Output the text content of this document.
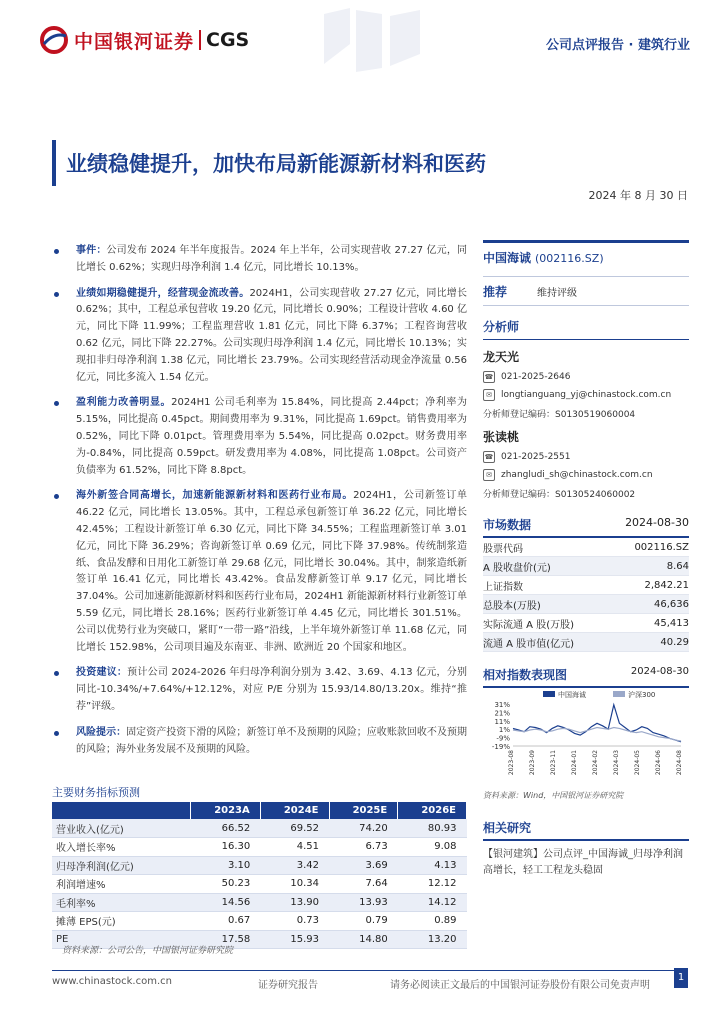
中国银河证券 CGS	公司点评报告 · 建筑行业
业绩稳健提升，加快布局新能源新材料和医药
2024 年 8 月 30 日
事件：公司发布 2024 年半年度报告。2024 年上半年，公司实现营收 27.27 亿元，同比增长 0.62%；实现归母净利润 1.4 亿元，同比增长 10.13%。
业绩如期稳健提升，经营现金流改善。2024H1，公司实现营收 27.27 亿元，同比增长 0.62%；其中，工程总承包营收 19.20 亿元，同比增长 0.90%；工程设计营收 4.60 亿元，同比下降 11.99%；工程监理营收 1.81 亿元，同比下降 6.37%；工程咨询营收 0.62 亿元，同比下降 22.27%。公司实现归母净利润 1.4 亿元，同比增长 10.13%；实现扣非归母净利润 1.38 亿元，同比增长 23.79%。公司实现经营活动现金净流量 0.56 亿元，同比多流入 1.54 亿元。
盈利能力改善明显。2024H1 公司毛利率为 15.84%，同比提高 2.44pct；净利率为 5.15%，同比提高 0.45pct。期间费用率为 9.31%，同比提高 1.69pct。销售费用率为 0.52%，同比下降 0.01pct。管理费用率为 5.54%，同比提高 0.02pct。财务费用率为-0.84%，同比提高 0.59pct。研发费用率为 4.08%，同比提高 1.08pct。公司资产负债率为 61.52%，同比下降 8.8pct。
海外新签合同高增长，加速新能源新材料和医药行业布局。2024H1，公司新签订单 46.22 亿元，同比增长 13.05%。其中，工程总承包新签订单 36.22 亿元，同比增长 42.45%；工程设计新签订单 6.30 亿元，同比下降 34.55%；工程监理新签订单 3.01 亿元，同比下降 36.29%；咨询新签订单 0.69 亿元，同比下降 37.98%。传统制浆造纸、食品发酵和日用化工新签订单 29.68 亿元，同比增长 30.04%。其中，制浆造纸新签订单 16.41 亿元，同比增长 43.42%。食品发酵新签订单 9.17 亿元，同比增长 37.04%。公司加速新能源新材料和医药行业布局，2024H1 新能源新材料行业新签订单 5.59 亿元，同比增长 28.16%；医药行业新签订单 4.45 亿元，同比增长 301.51%。公司以优势行业为突破口，紧盯“一带一路”沿线，上半年境外新签订单 11.68 亿元，同比增长 152.98%，公司项目遍及东南亚、非洲、欧洲近 20 个国家和地区。
投资建议：预计公司 2024-2026 年归母净利润分别为 3.42、3.69、4.13 亿元，分别同比-10.34%/+7.64%/+12.12%，对应 P/E 分别为 15.93/14.80/13.20x。维持“推荐”评级。
风险提示：固定资产投资下滑的风险；新签订单不及预期的风险；应收账款回收不及预期的风险；海外业务发展不及预期的风险。
主要财务指标预测
	2023A	2024E	2025E	2026E
营业收入(亿元)	66.52	69.52	74.20	80.93
收入增长率%	16.30	4.51	6.73	9.08
归母净利润(亿元)	3.10	3.42	3.69	4.13
利润增速%	50.23	10.34	7.64	12.12
毛利率%	14.56	13.90	13.93	14.12
摊薄 EPS(元)	0.67	0.73	0.79	0.89
PE	17.58	15.93	14.80	13.20
资料来源：公司公告，中国银河证券研究院
中国海诚 (002116.SZ)
推荐	维持评级
分析师
龙天光
☎ 021-2025-2646
✉	longtianguang_yj@chinastock.com.cn
分析师登记编码：S0130519060004
张读桃
☎ 021-2025-2551
✉	zhangludi_sh@chinastock.com.cn
分析师登记编码：S0130524060002
市场数据	2024-08-30
股票代码	002116.SZ
A 股收盘价(元)	8.64
上证指数	2,842.21
总股本(万股)	46,636
实际流通 A 股(万股)	45,413
流通 A 股市值(亿元)	40.29
相对指数表现图	2024-08-30
中国海诚	沪深300
31%
21%
11%
1%
-9%
-19%
2023-08 2023-09 2023-11 2024-01 2024-02 2024-03 2024-05 2024-06 2024-08
资料来源：Wind，中国银河证券研究院
相关研究
【银河建筑】公司点评_中国海诚_归母净利润高增长，轻工工程龙头稳固
www.chinastock.com.cn	证券研究报告	请务必阅读正文最后的中国银河证券股份有限公司免责声明
1
